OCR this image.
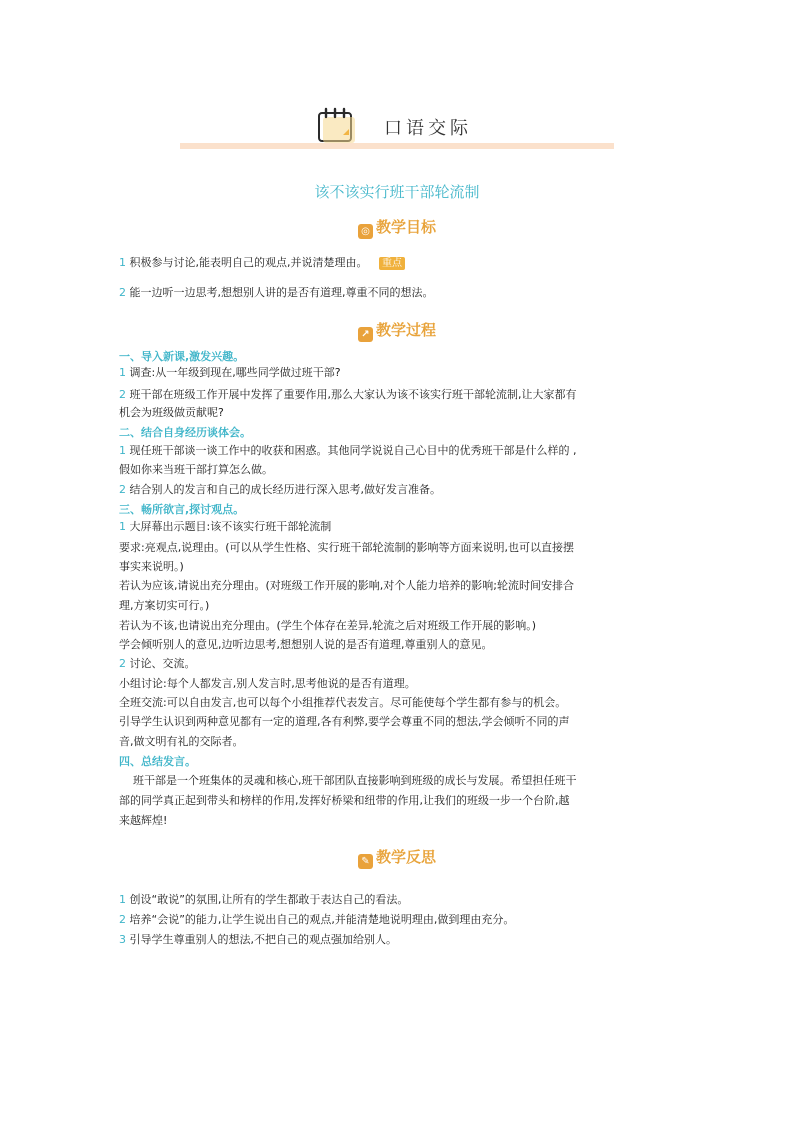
口语交际
该不该实行班干部轮流制
◎ 教学目标
1 积极参与讨论,能表明自己的观点,并说清楚理由。 重点
2 能一边听一边思考,想想别人讲的是否有道理,尊重不同的想法。
↗ 教学过程
一、导入新课,激发兴趣。
1 调查:从一年级到现在,哪些同学做过班干部?
2 班干部在班级工作开展中发挥了重要作用,那么大家认为该不该实行班干部轮流制,让大家都有
机会为班级做贡献呢?
二、结合自身经历谈体会。
1 现任班干部谈一谈工作中的收获和困惑。其他同学说说自己心目中的优秀班干部是什么样的 ,
假如你来当班干部打算怎么做。
2 结合别人的发言和自己的成长经历进行深入思考,做好发言准备。
三、畅所欲言,探讨观点。
1 大屏幕出示题目:该不该实行班干部轮流制
要求:亮观点,说理由。(可以从学生性格、实行班干部轮流制的影响等方面来说明,也可以直接摆
事实来说明。)
若认为应该,请说出充分理由。(对班级工作开展的影响,对个人能力培养的影响;轮流时间安排合
理,方案切实可行。)
若认为不该,也请说出充分理由。(学生个体存在差异,轮流之后对班级工作开展的影响。)
学会倾听别人的意见,边听边思考,想想别人说的是否有道理,尊重别人的意见。
2 讨论、交流。
小组讨论:每个人都发言,别人发言时,思考他说的是否有道理。
全班交流:可以自由发言,也可以每个小组推荐代表发言。尽可能使每个学生都有参与的机会。
引导学生认识到两种意见都有一定的道理,各有利弊,要学会尊重不同的想法,学会倾听不同的声
音,做文明有礼的交际者。
四、总结发言。
班干部是一个班集体的灵魂和核心,班干部团队直接影响到班级的成长与发展。希望担任班干
部的同学真正起到带头和榜样的作用,发挥好桥梁和纽带的作用,让我们的班级一步一个台阶,越
来越辉煌!
✎ 教学反思
1 创设“敢说”的氛围,让所有的学生都敢于表达自己的看法。
2 培养“会说”的能力,让学生说出自己的观点,并能清楚地说明理由,做到理由充分。
3 引导学生尊重别人的想法,不把自己的观点强加给别人。
